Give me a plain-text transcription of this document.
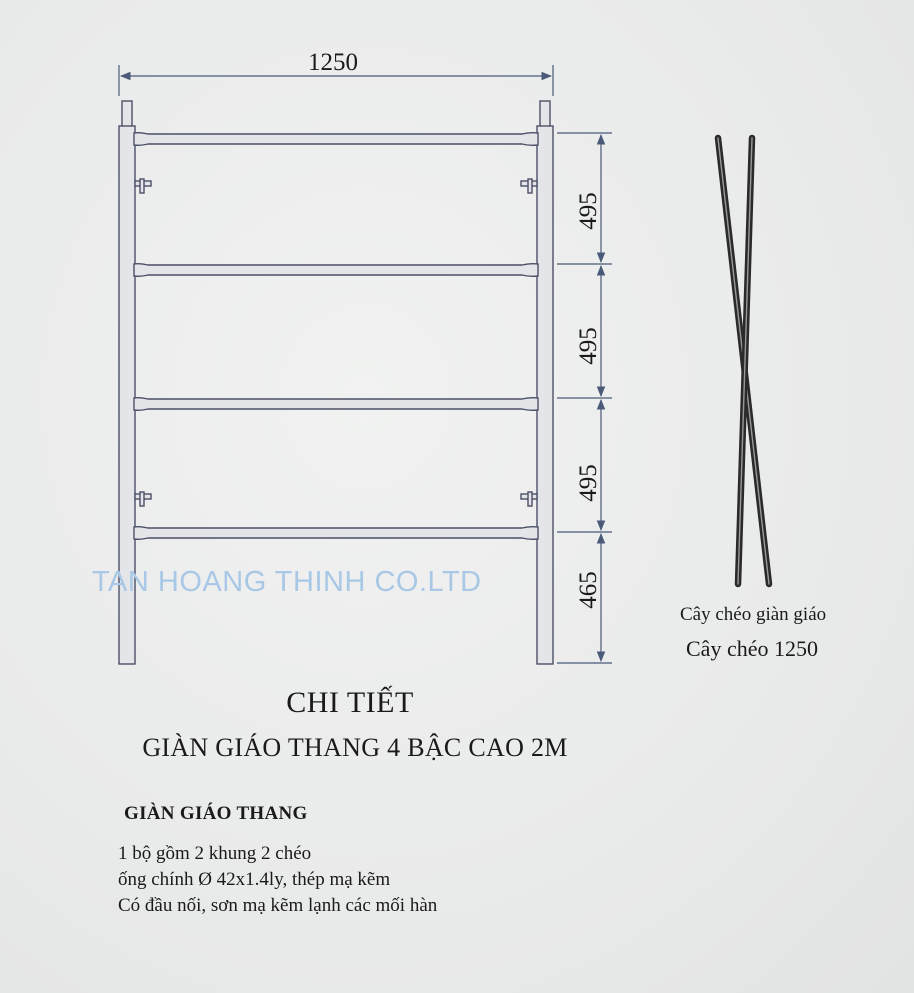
1250
495
495
495
465
TAN HOANG THINH CO.LTD
Cây chéo giàn giáo
Cây chéo 1250
CHI TIẾT
GIÀN GIÁO THANG 4 BẬC CAO 2M
GIÀN GIÁO THANG
1 bộ gồm 2 khung 2 chéo
ống chính Ø 42x1.4ly, thép mạ kẽm
Có đầu nối, sơn mạ kẽm lạnh các mối hàn
